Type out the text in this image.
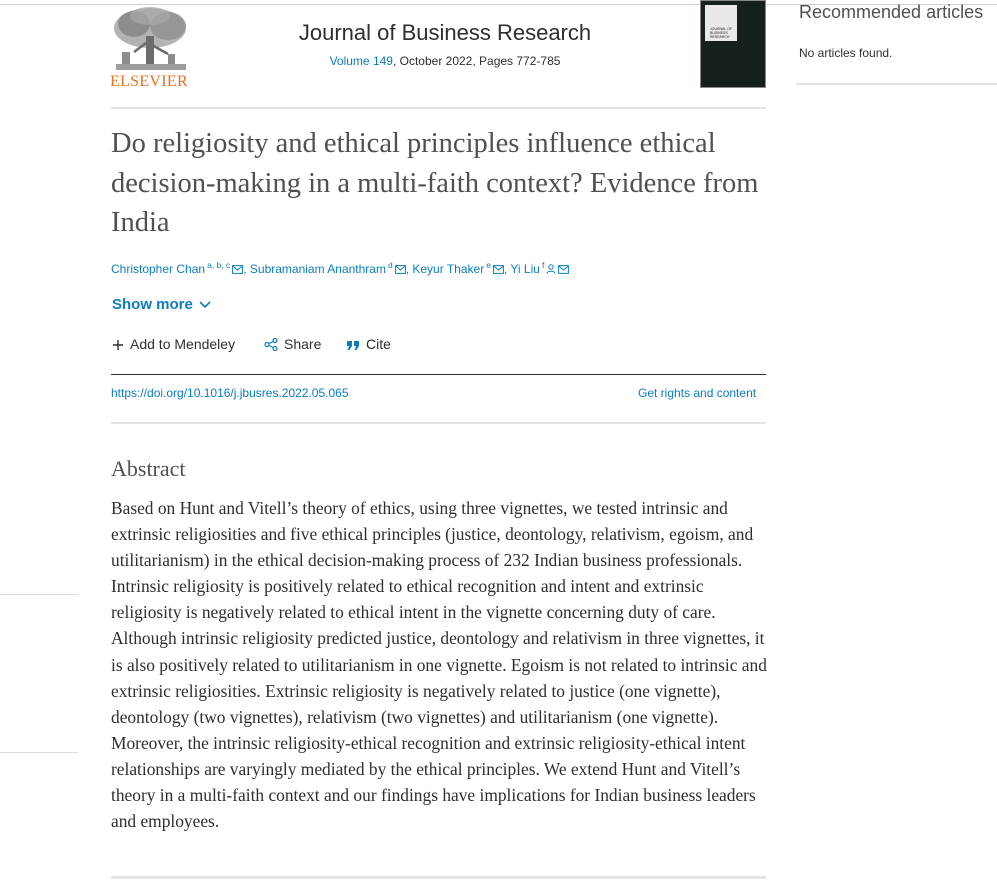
ELSEVIER
Journal of Business Research
Volume 149, October 2022, Pages 772-785
JOURNAL OF BUSINESS RESEARCH
Do religiosity and ethical principles influence ethical decision-making in a multi-faith context? Evidence from India
Christopher Chan $^{a, b, c}$ , Subramaniam Ananthram $^d$ , Keyur Thaker $^e$ , Yi Liu $^f$
Show more
Add to Mendeley	Share	Cite
https://doi.org/10.1016/j.jbusres.2022.05.065	Get rights and content
Abstract

Based on Hunt and Vitell’s theory of ethics, using three vignettes, we tested intrinsic and extrinsic religiosities and five ethical principles (justice, deontology, relativism, egoism, and utilitarianism) in the ethical decision-making process of 232 Indian business professionals. Intrinsic religiosity is positively related to ethical recognition and intent and extrinsic religiosity is negatively related to ethical intent in the vignette concerning duty of care. Although intrinsic religiosity predicted justice, deontology and relativism in three vignettes, it is also positively related to utilitarianism in one vignette. Egoism is not related to intrinsic and extrinsic religiosities. Extrinsic religiosity is negatively related to justice (one vignette), deontology (two vignettes), relativism (two vignettes) and utilitarianism (one vignette). Moreover, the intrinsic religiosity-ethical recognition and extrinsic religiosity-ethical intent relationships are varyingly mediated by the ethical principles. We extend Hunt and Vitell’s theory in a multi-faith context and our findings have implications for Indian business leaders and employees.

Recommended articles
No articles found.
